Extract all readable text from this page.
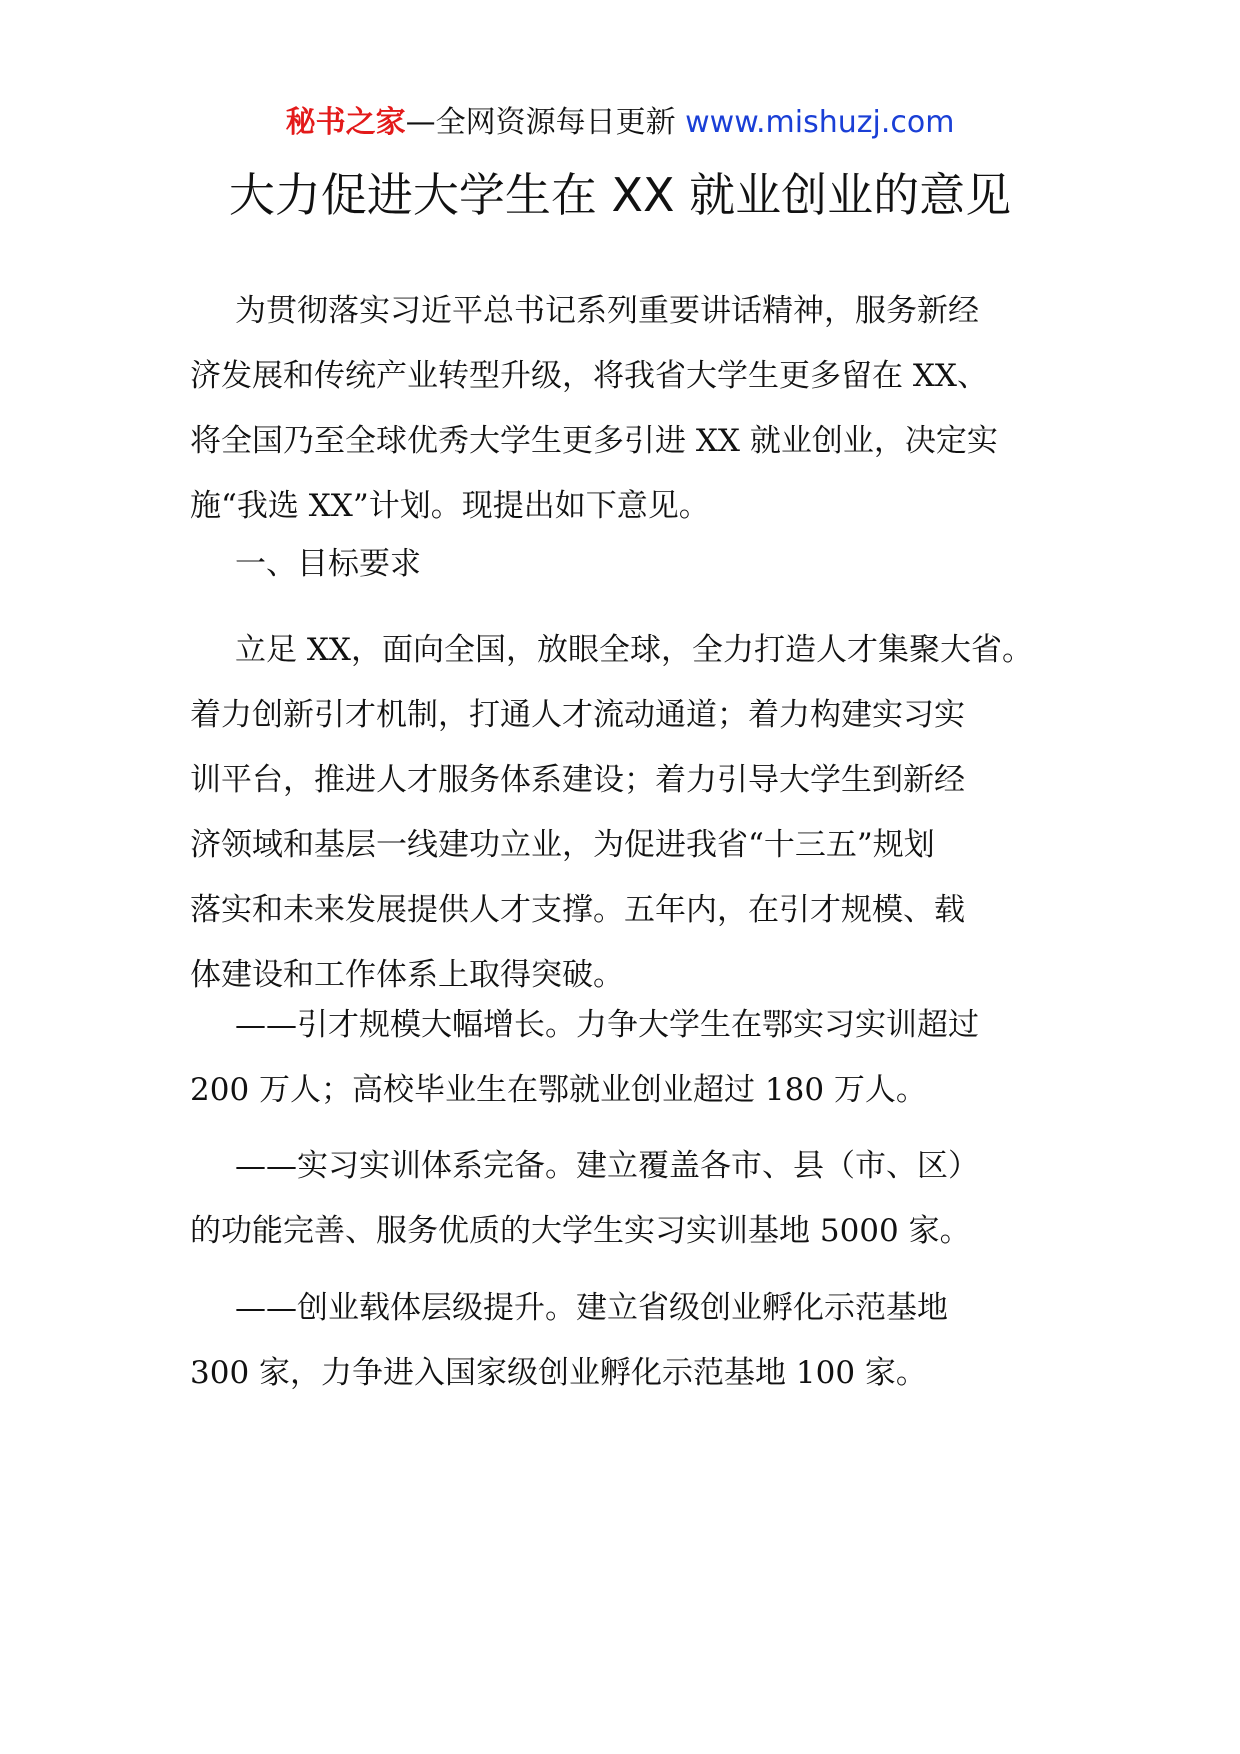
秘书之家—全网资源每日更新 www.mishuzj.com
大力促进大学生在 XX 就业创业的意见
为贯彻落实习近平总书记系列重要讲话精神，服务新经
济发展和传统产业转型升级，将我省大学生更多留在 XX、
将全国乃至全球优秀大学生更多引进 XX 就业创业，决定实
施“我选 XX”计划。现提出如下意见。
一、目标要求
立足 XX，面向全国，放眼全球，全力打造人才集聚大省。
着力创新引才机制，打通人才流动通道；着力构建实习实
训平台，推进人才服务体系建设；着力引导大学生到新经
济领域和基层一线建功立业，为促进我省“十三五”规划
落实和未来发展提供人才支撑。五年内，在引才规模、载
体建设和工作体系上取得突破。
——引才规模大幅增长。力争大学生在鄂实习实训超过
200 万人；高校毕业生在鄂就业创业超过 180 万人。
——实习实训体系完备。建立覆盖各市、县（市、区）
的功能完善、服务优质的大学生实习实训基地 5000 家。
——创业载体层级提升。建立省级创业孵化示范基地
300 家，力争进入国家级创业孵化示范基地 100 家。
